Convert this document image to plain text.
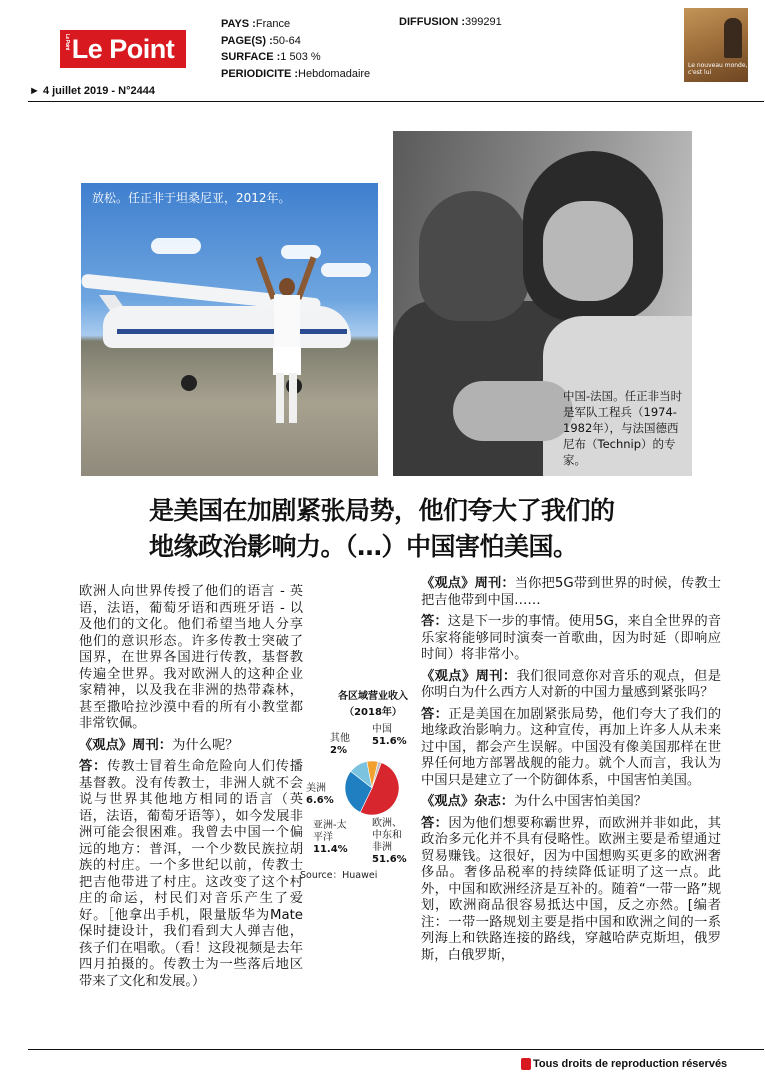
Le Point Le Point
PAYS :France
PAGE(S) :50-64
SURFACE :1 503 %
PERIODICITE :Hebdomadaire
DIFFUSION :399291
Le nouveau monde, c'est lui
► 4 juillet 2019 - N°2444
放松。任正非于坦桑尼亚，2012年。
中国-法国。任正非当时是军队工程兵（1974-1982年），与法国德西尼布（Technip）的专家。
是美国在加剧紧张局势，他们夸大了我们的地缘政治影响力。（…）中国害怕美国。

欧洲人向世界传授了他们的语言 - 英语，法语，葡萄牙语和西班牙语 - 以及他们的文化。他们希望当地人分享他们的意识形态。许多传教士突破了国界，在世界各国进行传教，基督教传遍全世界。我对欧洲人的这种企业家精神，以及我在非洲的热带森林，甚至撒哈拉沙漠中看的所有小教堂都非常钦佩。

《观点》周刊：为什么呢？

答：传教士冒着生命危险向人们传播基督教。没有传教士，非洲人就不会说与世界其他地方相同的语言（英语，法语，葡萄牙语等），如今发展非洲可能会很困难。我曾去中国一个偏远的地方：普洱，一个少数民族拉胡族的村庄。一个多世纪以前，传教士把吉他带进了村庄。这改变了这个村庄的命运，村民们对音乐产生了爱好。［他拿出手机，限量版华为Mate保时捷设计，我们看到大人弹吉他，孩子们在唱歌。（看！这段视频是去年四月拍摄的。传教士为一些落后地区带来了文化和发展。）

各区域营业收入
（2018年）
其他
2%
中国
51.6%
美洲
6.6%
亚洲-太平洋
11.4%
欧洲、中东和非洲
51.6%
Source：Huawei

《观点》周刊：当你把5G带到世界的时候，传教士把吉他带到中国……

答：这是下一步的事情。使用5G，来自全世界的音乐家将能够同时演奏一首歌曲，因为时延（即响应时间）将非常小。

《观点》周刊：我们很同意你对音乐的观点，但是你明白为什么西方人对新的中国力量感到紧张吗？

答：正是美国在加剧紧张局势，他们夸大了我们的地缘政治影响力。这种宣传，再加上许多人从未来过中国，都会产生误解。中国没有像美国那样在世界任何地方部署战舰的能力。就个人而言，我认为中国只是建立了一个防御体系，中国害怕美国。

《观点》杂志：为什么中国害怕美国？

答：因为他们想要称霸世界，而欧洲并非如此，其政治多元化并不具有侵略性。欧洲主要是希望通过贸易赚钱。这很好，因为中国想购买更多的欧洲奢侈品。奢侈品税率的持续降低证明了这一点。此外，中国和欧洲经济是互补的。随着“一带一路”规划，欧洲商品很容易抵达中国，反之亦然。[编者注：一带一路规划主要是指中国和欧洲之间的一系列海上和铁路连接的路线，穿越哈萨克斯坦，俄罗斯，白俄罗斯，

Tous droits de reproduction réservés
